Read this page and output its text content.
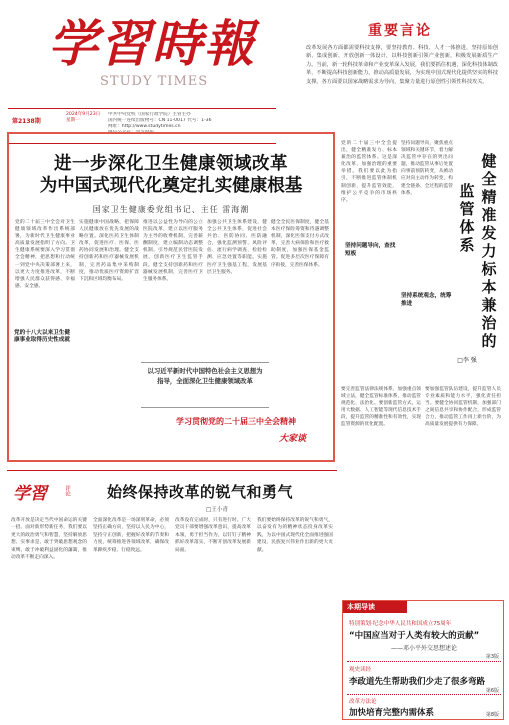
学習時報
STUDY TIMES
第2138期
2024年9月23日 星期一
中共中央党校（国家行政学院）主管主办
国内统一连续出版物号：CN 11-0017 代号：1-36
网址：http://www.studytimes.cn
微信公众号：学习时报
重要言论
改革发展各方面都需要科技支撑，要坚持教育、科技、人才一体推进，坚持原始创新、集成创新、开放创新一体设计，以科技创新引领产业创新，积极发展新质生产力。当前，新一轮科技革命和产业变革深入发展，我们要抓住机遇，深化科技体制改革，不断提高科技创新能力，推动高质量发展，为实现中国式现代化提供坚实的科技支撑。各方面要以国家战略需求为导向，集聚力量进行原创性引领性科技攻关。
进一步深化卫生健康领域改革
为中国式现代化奠定扎实健康根基
国家卫生健康委党组书记、主任 雷海潮
党的二十届三中全会对卫生健康领域改革作出系统部署，为新时代卫生健康事业高质量发展指明了方向。卫生健康系统要深入学习贯彻全会精神，把思想和行动统一到党中央决策部署上来，以更大力度推进改革，不断增强人民群众获得感、幸福感、安全感。
实施健康中国战略，把保障人民健康放在优先发展的战略位置。深化医药卫生体制改革，促进医疗、医保、医药协同发展和治理。健全支持创新药和医疗器械发展机制，完善药品集中采购制度，推动优质医疗资源扩容下沉和区域均衡布局。
推进以公益性为导向的公立医院改革，建立以医疗服务为主导的收费机制，完善薪酬制度，建立编制动态调整机制。引导规范民营医院发展。创新医疗卫生监管手段。健全支持创新药和医疗器械发展机制，完善医疗卫生服务体系。
加强公共卫生体系建设，健全公共卫生体系，促进社会共治、医防协同、医防融合，强化监测预警、风险评估、流行病学调查、检验检测、应急处置等职能。实施医疗卫生强基工程，发展基层卫生服务。
健全全民医保制度，健全基本医疗保险筹资和待遇调整机制，深化医保支付方式改革，完善大病保险和医疗救助制度，加强医保基金监管。促进多层次医疗保障有序衔接，完善医保体系。
党的十八大以来卫生健康事业取得历史性成就
以习近平新时代中国特色社会主义思想为指导，全面深化卫生健康领域改革
学习贯彻党的二十届三中全会精神
大家谈
党的二十届三中全会提出，健全精准发力、标本兼治的监管体系。这是深化改革、加强治理的重要举措。我们要以此为指引，不断推进监管体制机制创新，提升监管效能，维护公平竞争的市场秩序。
坚持问题导向，聚焦重点领域和关键环节，着力解决监管中存在的突出问题，推动监管从事后处置向事前预防转变，从被动应对向主动作为转变，构建全链条、全过程的监管体系。
健全精准发力标本兼治的
监管体系
□李 强
坚持问题导向，查找短板
坚持系统观念，统筹推进
要完善监管法律法规体系，加强重点领域立法，健全监管标准体系，推动监管规范化、法治化。要创新监管方式，运用大数据、人工智能等现代信息技术手段，提升监管的精准性和有效性，实现监管资源的优化配置。
要加强监管队伍建设，提升监管人员专业素质和能力水平，强化责任担当。要健全协同监管机制，加强部门之间信息共享和协作配合，形成监管合力，推动监管工作再上新台阶，为高质量发展提供有力保障。
学習	评论 始终保持改革的锐气和勇气
□王小青
改革开放是决定当代中国命运的关键一招。面对新形势新任务，我们要以更大的政治勇气和智慧，坚持解放思想、实事求是，敢于突破思想观念的束缚，敢于冲破利益固化的藩篱，推动改革不断走向深入。
全面深化改革是一场深刻革命，必须坚持正确方向，坚持以人民为中心，坚持守正创新，把握好改革的节奏和力度，统筹推进各领域改革，确保改革蹄疾步稳、行稳致远。
改革没有完成时，只有进行时。广大党员干部要增强改革意识，提高改革本领，勇于担当作为，以钉钉子精神抓好改革落实，不断开创改革发展新局面。
我们要始终保持改革的锐气和勇气，以奋发有为的精神状态投身改革实践，为以中国式现代化全面推进强国建设、民族复兴伟业作出新的更大贡献。
本期导读
特别策划·纪念中华人民共和国成立75周年
“中国应当对于人类有较大的贡献”
——邓小平外交思想述论
第3版
观史读经
李政道先生帮助我们少走了很多弯路
第6版
改革方法论
加快培育完整内需体系	第8版
